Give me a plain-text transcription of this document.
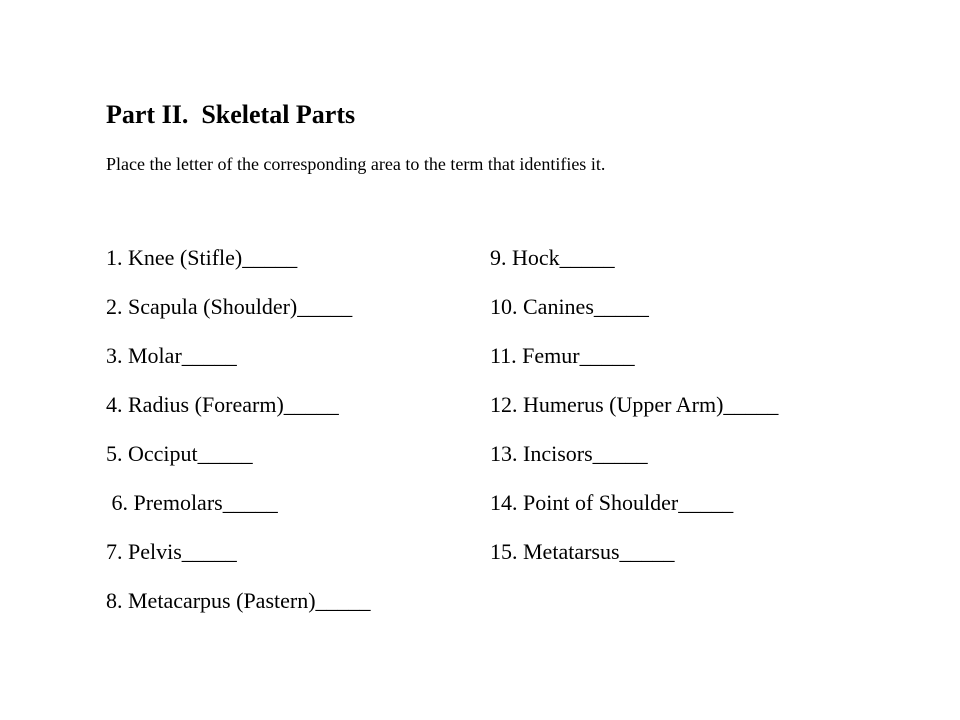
Part II.  Skeletal Parts
Place the letter of the corresponding area to the term that identifies it.
1. Knee (Stifle)_____
2. Scapula (Shoulder)_____
3. Molar_____
4. Radius (Forearm)_____
5. Occiput_____
6. Premolars_____
7. Pelvis_____
8. Metacarpus (Pastern)_____
9. Hock_____
10. Canines_____
11. Femur_____
12. Humerus (Upper Arm)_____
13. Incisors_____
14. Point of Shoulder_____
15. Metatarsus_____
